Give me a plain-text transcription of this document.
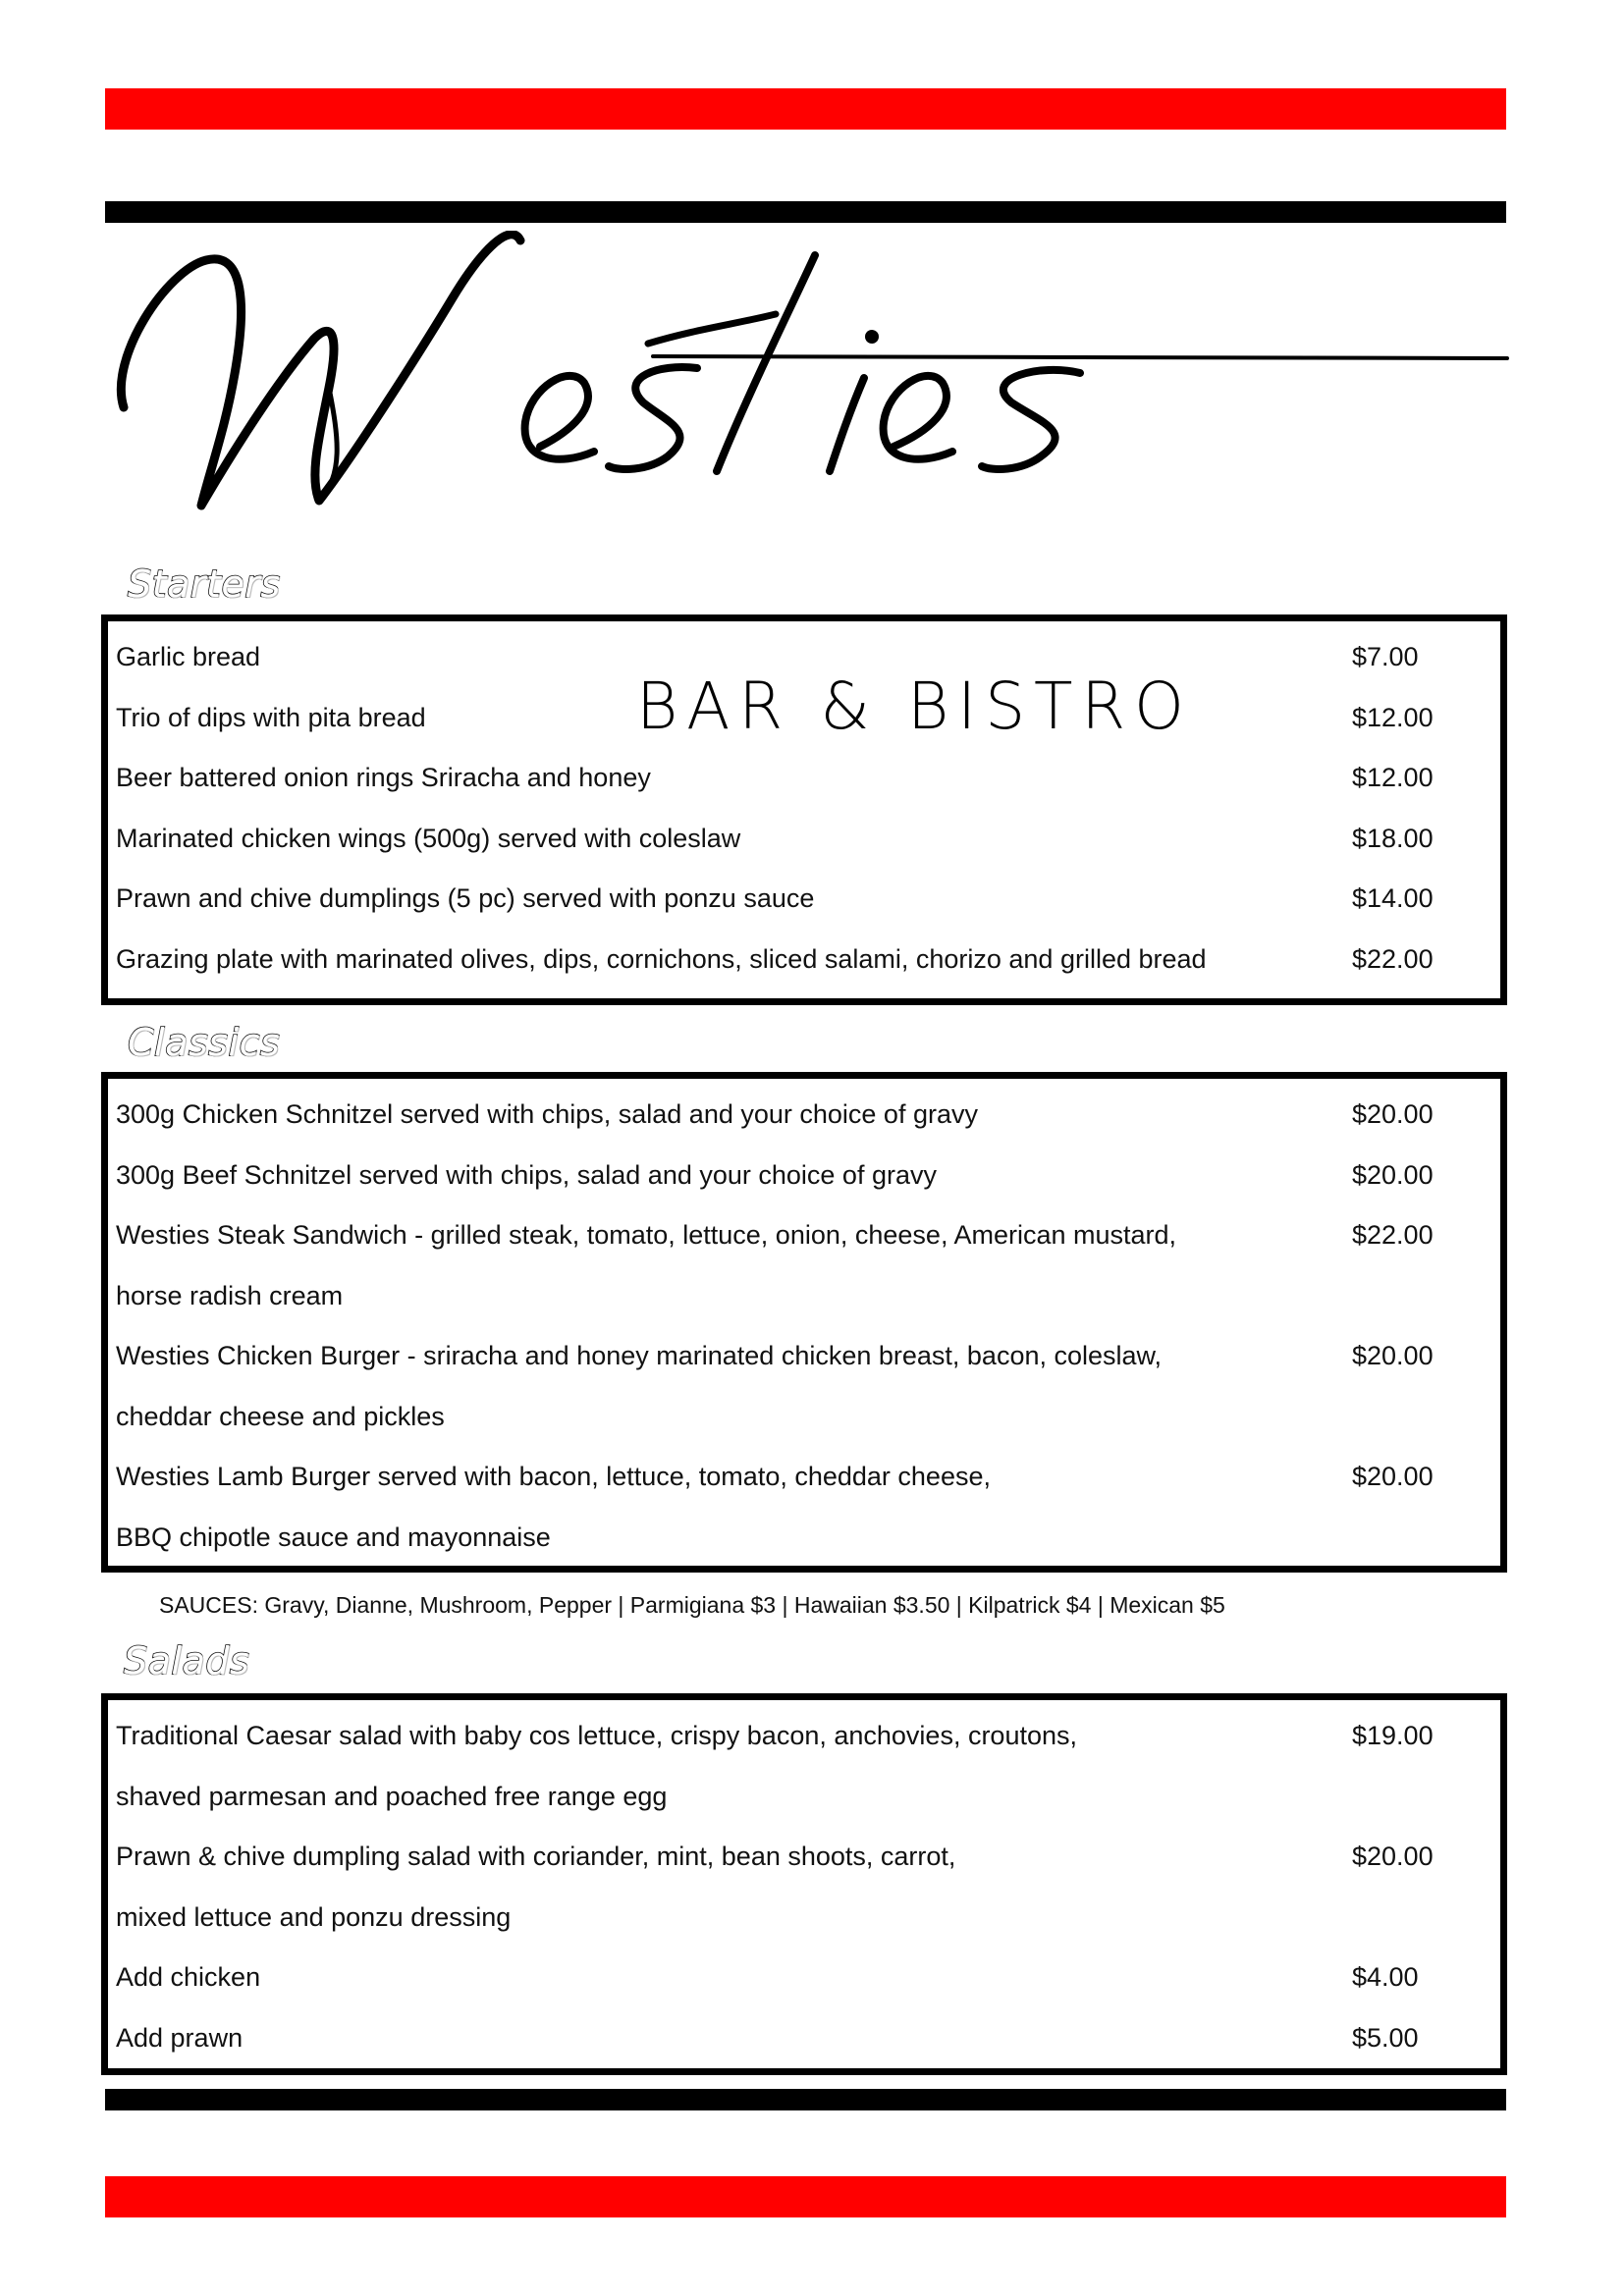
BAR & BISTRO
Starters
Garlic bread	$7.00
Trio of dips with pita bread	$12.00
Beer battered onion rings Sriracha and honey	$12.00
Marinated chicken wings (500g) served with coleslaw	$18.00
Prawn and chive dumplings (5 pc) served with ponzu sauce	$14.00
Grazing plate with marinated olives, dips, cornichons, sliced salami, chorizo and grilled bread	$22.00
Classics
300g Chicken Schnitzel served with chips, salad and your choice of gravy	$20.00
300g Beef Schnitzel served with chips, salad and your choice of gravy	$20.00
Westies Steak Sandwich - grilled steak, tomato, lettuce, onion, cheese, American mustard,	$22.00
horse radish cream
Westies Chicken Burger - sriracha and honey marinated chicken breast, bacon, coleslaw,	$20.00
cheddar cheese and pickles
Westies Lamb Burger served with bacon, lettuce, tomato, cheddar cheese,	$20.00
BBQ chipotle sauce and mayonnaise
SAUCES: Gravy, Dianne, Mushroom, Pepper | Parmigiana $3 | Hawaiian $3.50 | Kilpatrick $4 | Mexican $5
Salads
Traditional Caesar salad with baby cos lettuce, crispy bacon, anchovies, croutons,	$19.00
shaved parmesan and poached free range egg
Prawn & chive dumpling salad with coriander, mint, bean shoots, carrot,	$20.00
mixed lettuce and ponzu dressing
Add chicken	$4.00
Add prawn	$5.00
